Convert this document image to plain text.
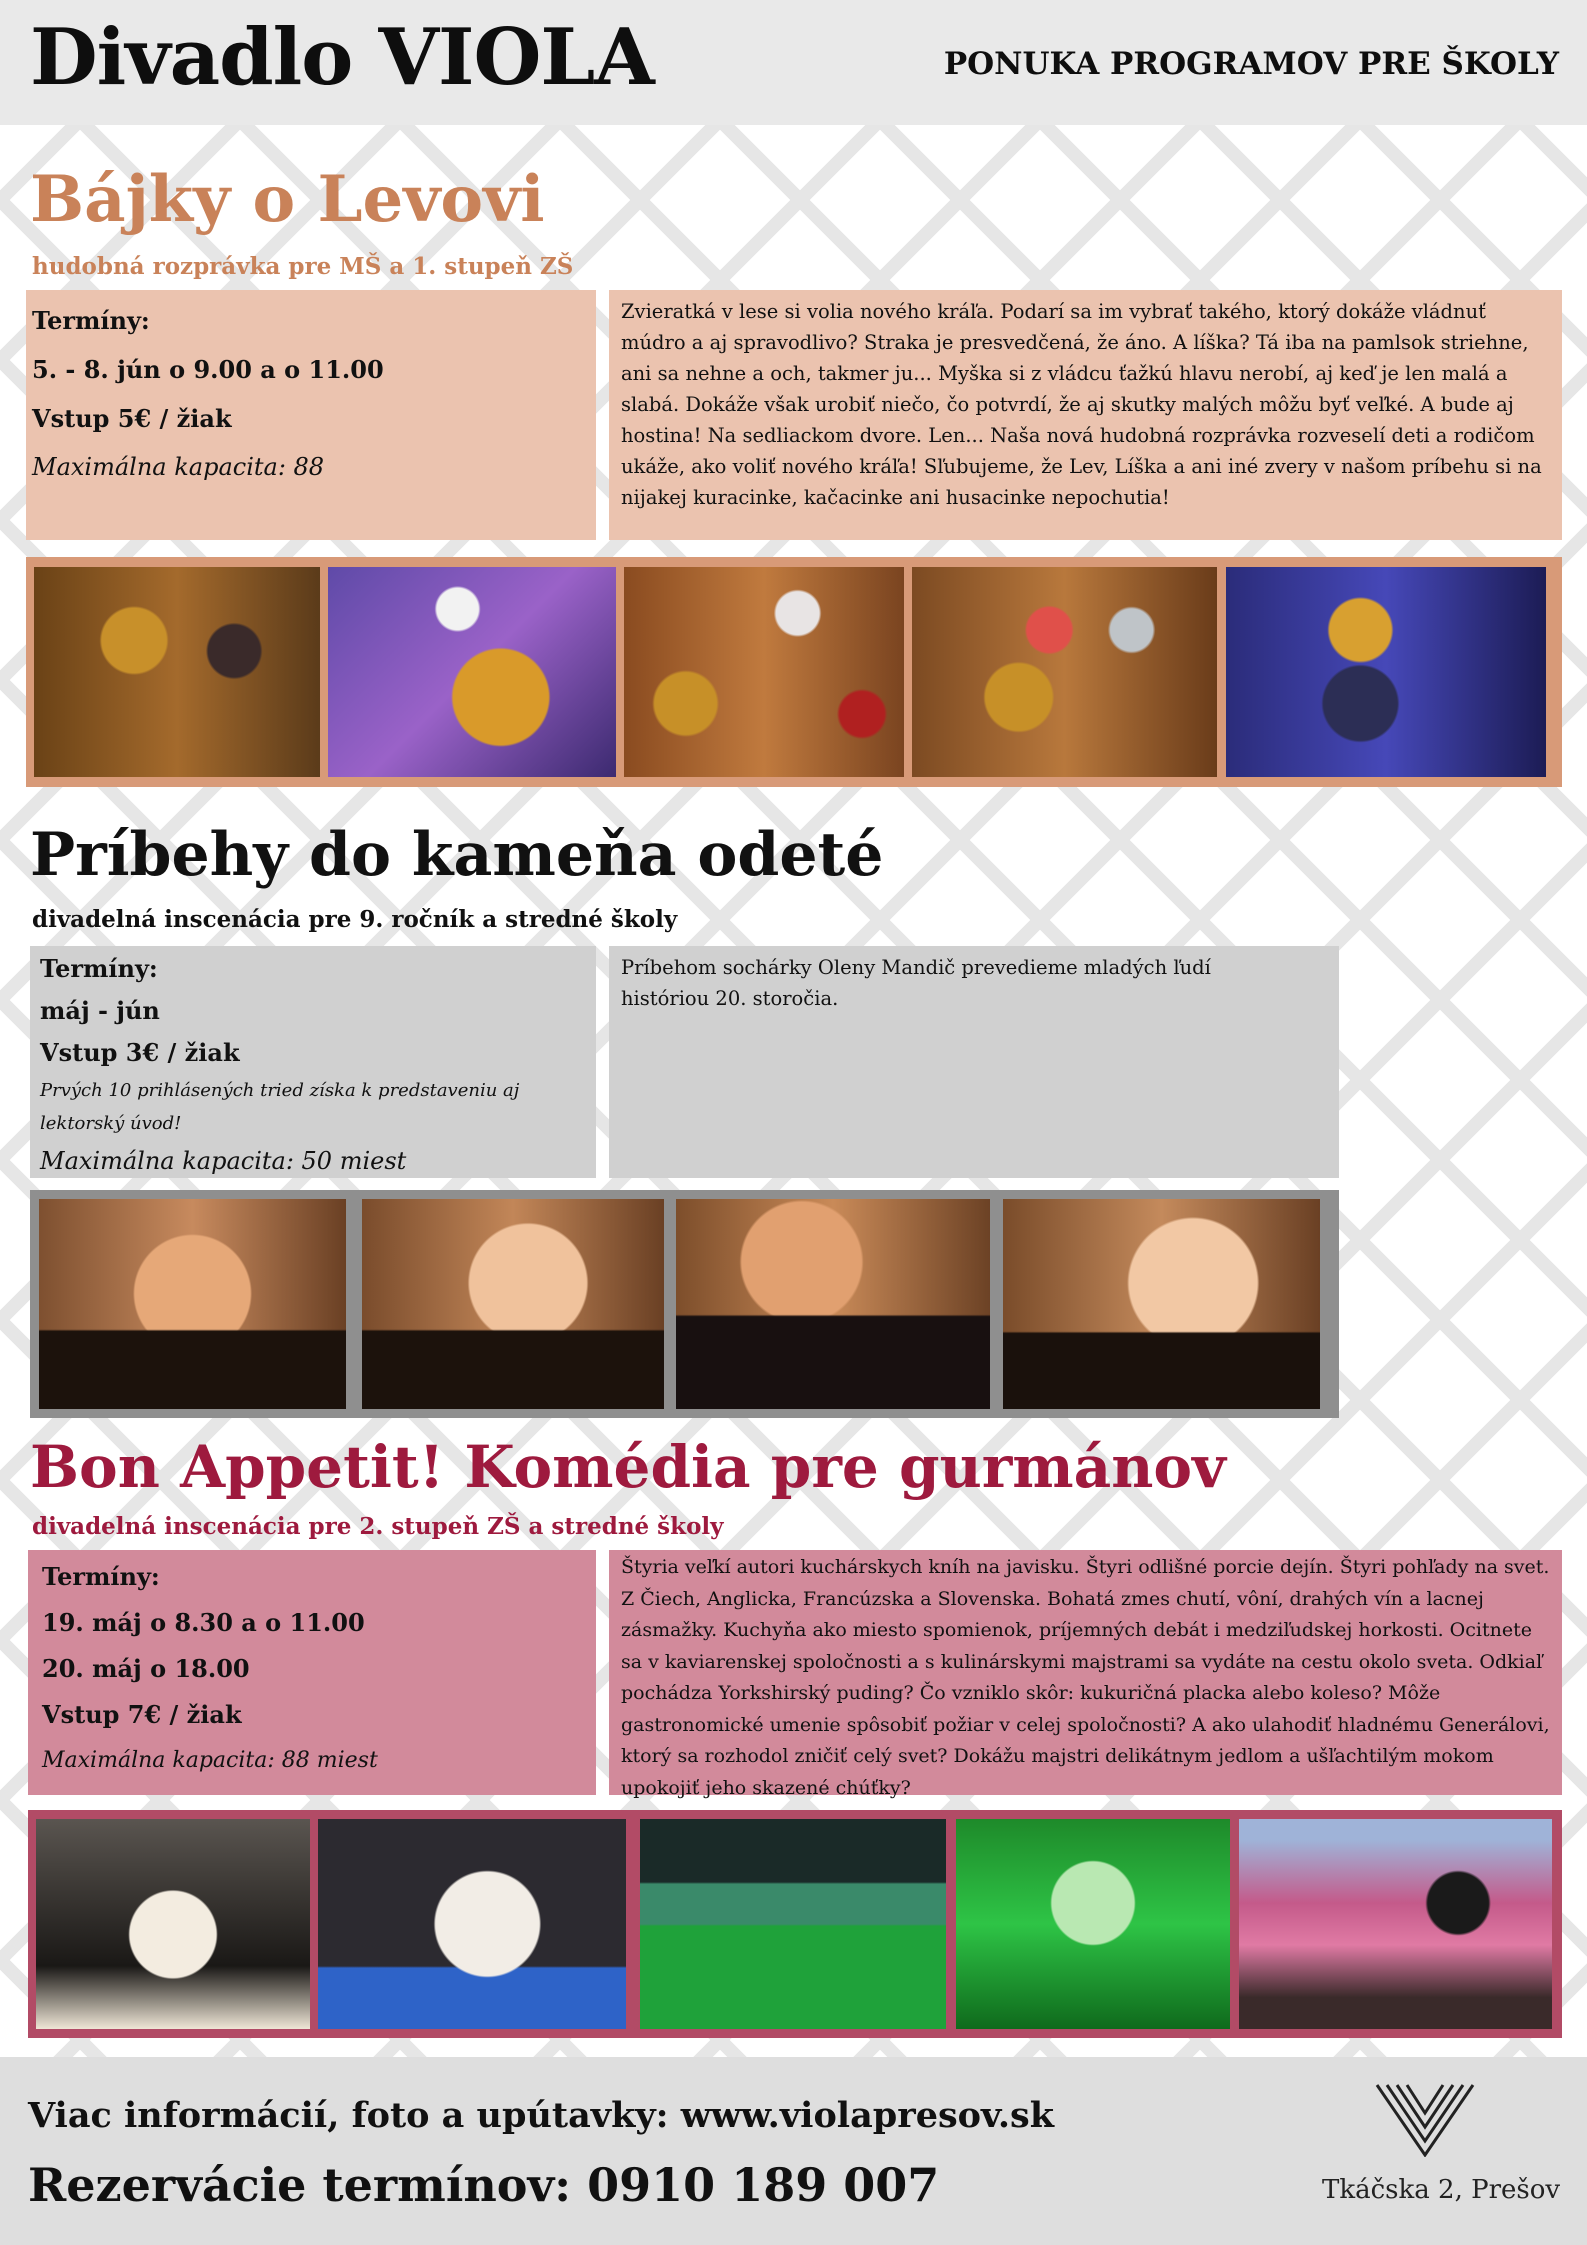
Divadlo VIOLA	PONUKA PROGRAMOV PRE ŠKOLY
Bájky o Levovi
hudobná rozprávka pre MŠ a 1. stupeň ZŠ
Termíny:
5. - 8. jún o 9.00 a o 11.00
Vstup 5€ / žiak
Maximálna kapacita: 88
Zvieratká v lese si volia nového kráľa. Podarí sa im vybrať takého, ktorý dokáže vládnuť múdro a aj spravodlivo? Straka je presvedčená, že áno. A líška? Tá iba na pamlsok striehne, ani sa nehne a och, takmer ju... Myška si z vládcu ťažkú hlavu nerobí, aj keď je len malá a slabá. Dokáže však urobiť niečo, čo potvrdí, že aj skutky malých môžu byť veľké. A bude aj hostina! Na sedliackom dvore. Len... Naša nová hudobná rozprávka rozveselí deti a rodičom ukáže, ako voliť nového kráľa! Sľubujeme, že Lev, Líška a ani iné zvery v našom príbehu si na nijakej kuracinke, kačacinke ani husacinke nepochutia!
Príbehy do kameňa odeté
divadelná inscenácia pre 9. ročník a stredné školy
Termíny:
máj - jún
Vstup 3€ / žiak
Prvých 10 prihlásených tried získa k predstaveniu aj lektorský úvod!
Maximálna kapacita: 50 miest
Príbehom sochárky Oleny Mandič prevedieme mladých ľudí históriou 20. storočia.
Bon Appetit! Komédia pre gurmánov
divadelná inscenácia pre 2. stupeň ZŠ a stredné školy
Termíny:
19. máj o 8.30 a o 11.00
20. máj o 18.00
Vstup 7€ / žiak
Maximálna kapacita: 88 miest
Štyria veľkí autori kuchárskych kníh na javisku. Štyri odlišné porcie dejín. Štyri pohľady na svet. Z Čiech, Anglicka, Francúzska a Slovenska. Bohatá zmes chutí, vôní, drahých vín a lacnej zásmažky. Kuchyňa ako miesto spomienok, príjemných debát i medziľudskej horkosti. Ocitnete sa v kaviarenskej spoločnosti a s kulinárskymi majstrami sa vydáte na cestu okolo sveta. Odkiaľ pochádza Yorkshirský puding? Čo vzniklo skôr: kukuričná placka alebo koleso? Môže gastronomické umenie spôsobiť požiar v celej spoločnosti? A ako ulahodiť hladnému Generálovi, ktorý sa rozhodol zničiť celý svet? Dokážu majstri delikátnym jedlom a ušľachtilým mokom upokojiť jeho skazené chúťky?
Viac informácií, foto a upútavky: www.violapresov.sk
Rezervácie termínov: 0910 189 007	Tkáčska 2, Prešov
